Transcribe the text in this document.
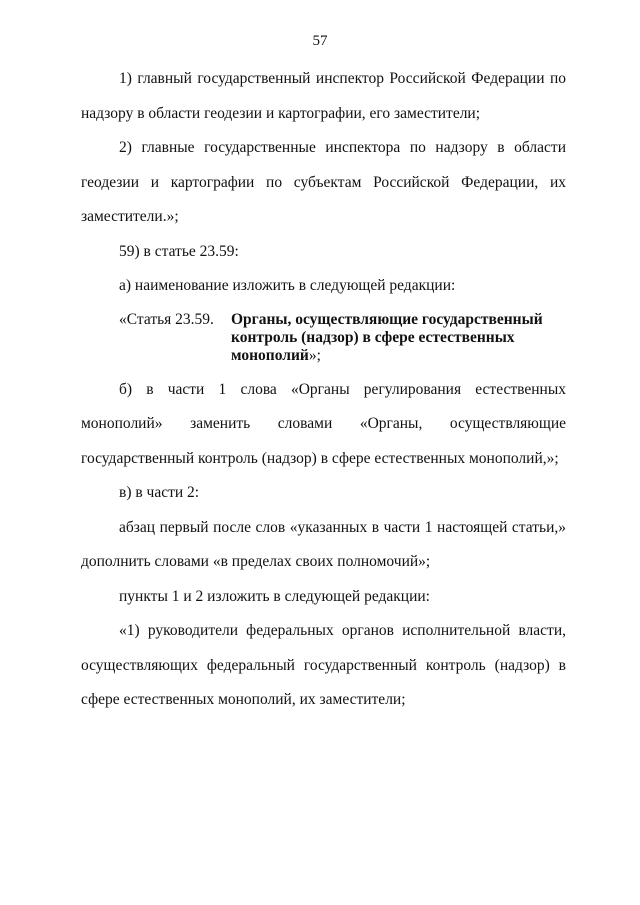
57

1) главный государственный инспектор Российской Федерации по надзору в области геодезии и картографии, его заместители;

2) главные государственные инспектора по надзору в области геодезии и картографии по субъектам Российской Федерации, их заместители.»;

59) в статье 23.59:

а) наименование изложить в следующей редакции:

«Статья 23.59.	Органы, осуществляющие государственный контроль (надзор) в сфере естественных монополий»;

б) в части 1 слова «Органы регулирования естественных монополий» заменить словами «Органы, осуществляющие государственный контроль (надзор) в сфере естественных монополий,»;

в) в части 2:

абзац первый после слов «указанных в части 1 настоящей статьи,» дополнить словами «в пределах своих полномочий»;

пункты 1 и 2 изложить в следующей редакции:

«1) руководители федеральных органов исполнительной власти, осуществляющих федеральный государственный контроль (надзор) в сфере естественных монополий, их заместители;
